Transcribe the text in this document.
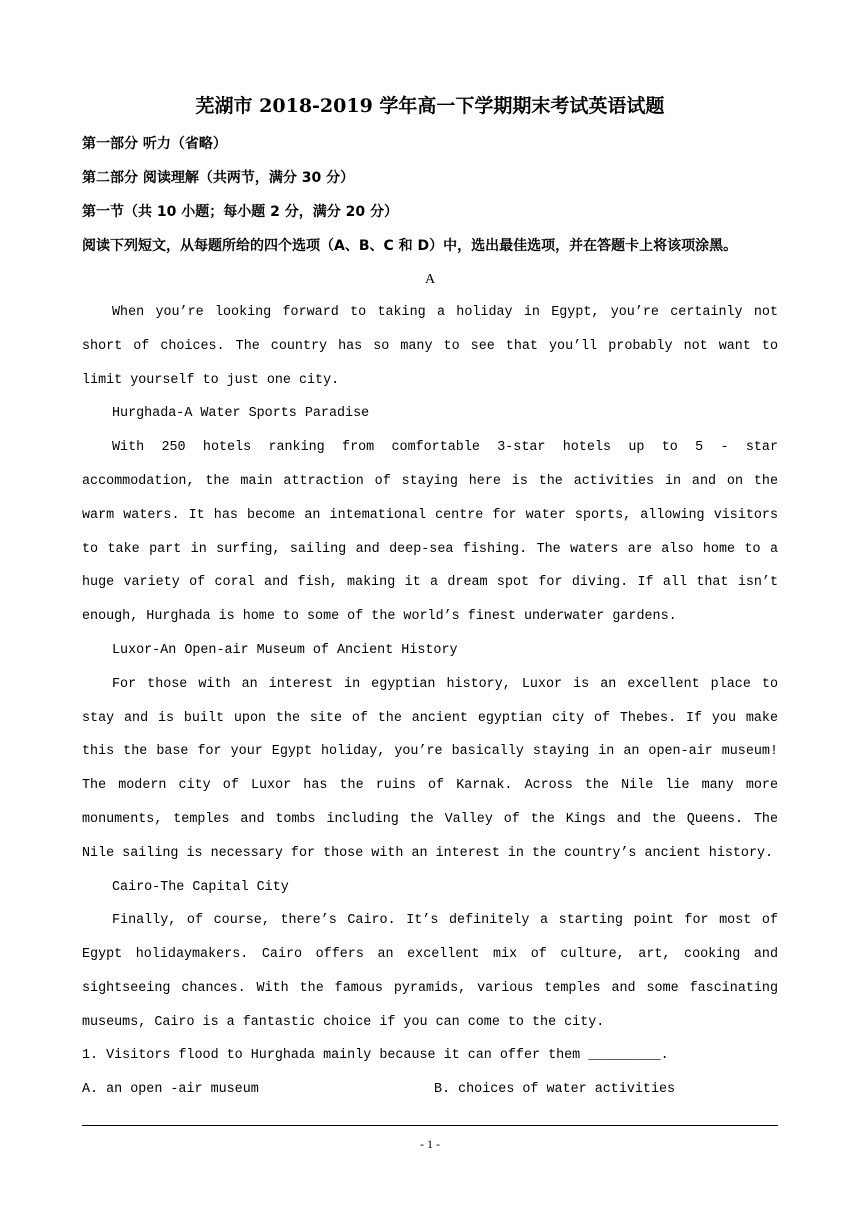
芜湖市 2018-2019 学年高一下学期期末考试英语试题
第一部分 听力（省略）
第二部分 阅读理解（共两节，满分 30 分）
第一节（共 10 小题；每小题 2 分，满分 20 分）
阅读下列短文，从每题所给的四个选项（A、B、C 和 D）中，选出最佳选项，并在答题卡上将该项涂黑。
A

When you’re looking forward to taking a holiday in Egypt, you’re certainly not short of choices. The country has so many to see that you’ll probably not want to limit yourself to just one city.

Hurghada-A Water Sports Paradise

With 250 hotels ranking from comfortable 3-star hotels up to 5 - star accommodation, the main attraction of staying here is the activities in and on the warm waters. It has become an intemational centre for water sports, allowing visitors to take part in surfing, sailing and deep-sea fishing. The waters are also home to a huge variety of coral and fish, making it a dream spot for diving. If all that isn’t enough, Hurghada is home to some of the world’s finest underwater gardens.

Luxor-An Open-air Museum of Ancient History

For those with an interest in egyptian history, Luxor is an excellent place to stay and is built upon the site of the ancient egyptian city of Thebes. If you make this the base for your Egypt holiday, you’re basically staying in an open-air museum! The modern city of Luxor has the ruins of Karnak. Across the Nile lie many more monuments, temples and tombs including the Valley of the Kings and the Queens. The Nile sailing is necessary for those with an interest in the country’s ancient history.

Cairo-The Capital City

Finally, of course, there’s Cairo. It’s definitely a starting point for most of Egypt holidaymakers. Cairo offers an excellent mix of culture, art, cooking and sightseeing chances. With the famous pyramids, various temples and some fascinating museums, Cairo is a fantastic choice if you can come to the city.

1. Visitors flood to Hurghada mainly because it can offer them _________.
A. an open -air museum	B. choices of water activities
- 1 -
